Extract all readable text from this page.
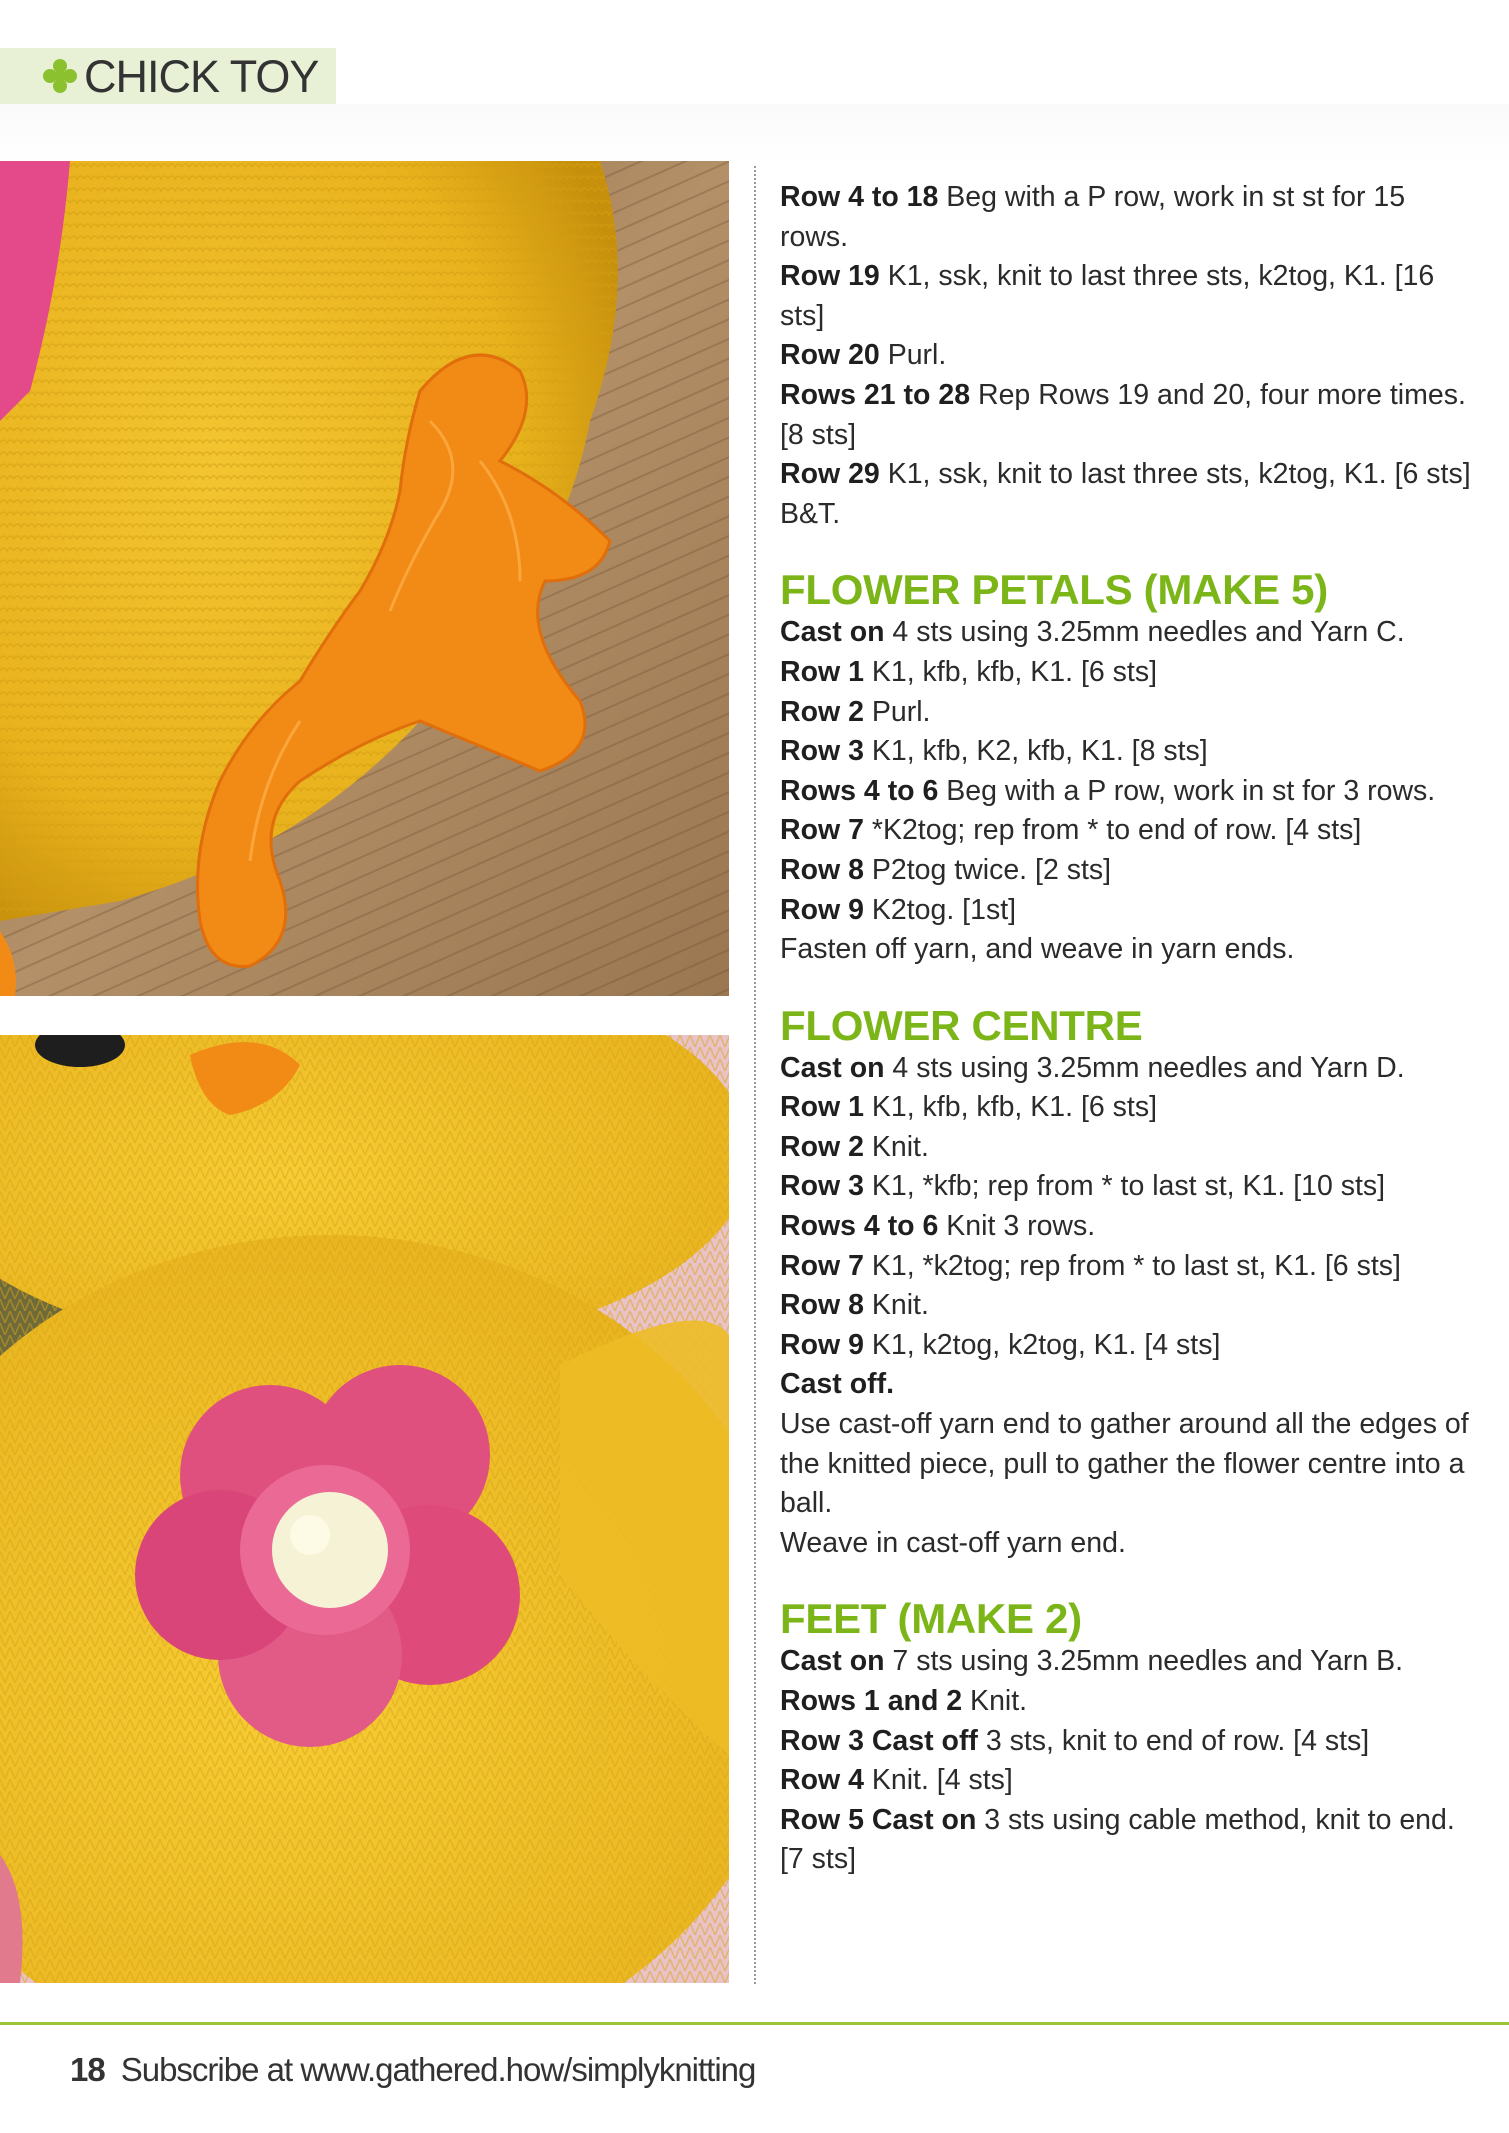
CHICK TOY

Row 4 to 18 Beg with a P row, work in st st for 15 rows.

Row 19 K1, ssk, knit to last three sts, k2tog, K1. [16 sts]

Row 20 Purl.

Rows 21 to 28 Rep Rows 19 and 20, four more times. [8 sts]

Row 29 K1, ssk, knit to last three sts, k2tog, K1. [6 sts]

B&T.

FLOWER PETALS (MAKE 5)

Cast on 4 sts using 3.25mm needles and Yarn C.

Row 1 K1, kfb, kfb, K1. [6 sts]

Row 2 Purl.

Row 3 K1, kfb, K2, kfb, K1. [8 sts]

Rows 4 to 6 Beg with a P row, work in st for 3 rows.

Row 7 *K2tog; rep from * to end of row. [4 sts]

Row 8 P2tog twice. [2 sts]

Row 9 K2tog. [1st]

Fasten off yarn, and weave in yarn ends.

FLOWER CENTRE

Cast on 4 sts using 3.25mm needles and Yarn D.

Row 1 K1, kfb, kfb, K1. [6 sts]

Row 2 Knit.

Row 3 K1, *kfb; rep from * to last st, K1. [10 sts]

Rows 4 to 6 Knit 3 rows.

Row 7 K1, *k2tog; rep from * to last st, K1. [6 sts]

Row 8 Knit.

Row 9 K1, k2tog, k2tog, K1. [4 sts]

Cast off.

Use cast-off yarn end to gather around all the edges of the knitted piece, pull to gather the flower centre into a ball.

Weave in cast-off yarn end.

FEET (MAKE 2)

Cast on 7 sts using 3.25mm needles and Yarn B.

Rows 1 and 2 Knit.

Row 3 Cast off 3 sts, knit to end of row. [4 sts]

Row 4 Knit. [4 sts]

Row 5 Cast on 3 sts using cable method, knit to end. [7 sts]

18 Subscribe at www.gathered.how/simplyknitting
